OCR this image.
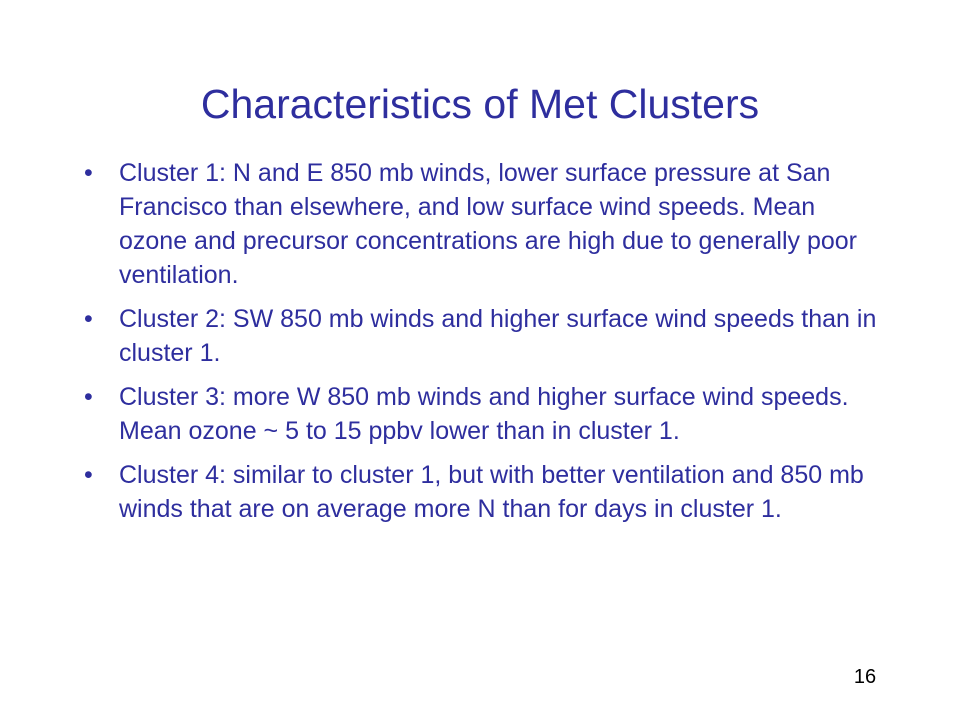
Characteristics of Met Clusters
• Cluster 1: N and E 850 mb winds, lower surface pressure at San Francisco than elsewhere, and low surface wind speeds. Mean ozone and precursor concentrations are high due to generally poor ventilation.
• Cluster 2: SW 850 mb winds and higher surface wind speeds than in cluster 1.
• Cluster 3: more W 850 mb winds and higher surface wind speeds. Mean ozone ~ 5 to 15 ppbv lower than in cluster 1.
• Cluster 4: similar to cluster 1, but with better ventilation and 850 mb winds that are on average more N than for days in cluster 1.
16
